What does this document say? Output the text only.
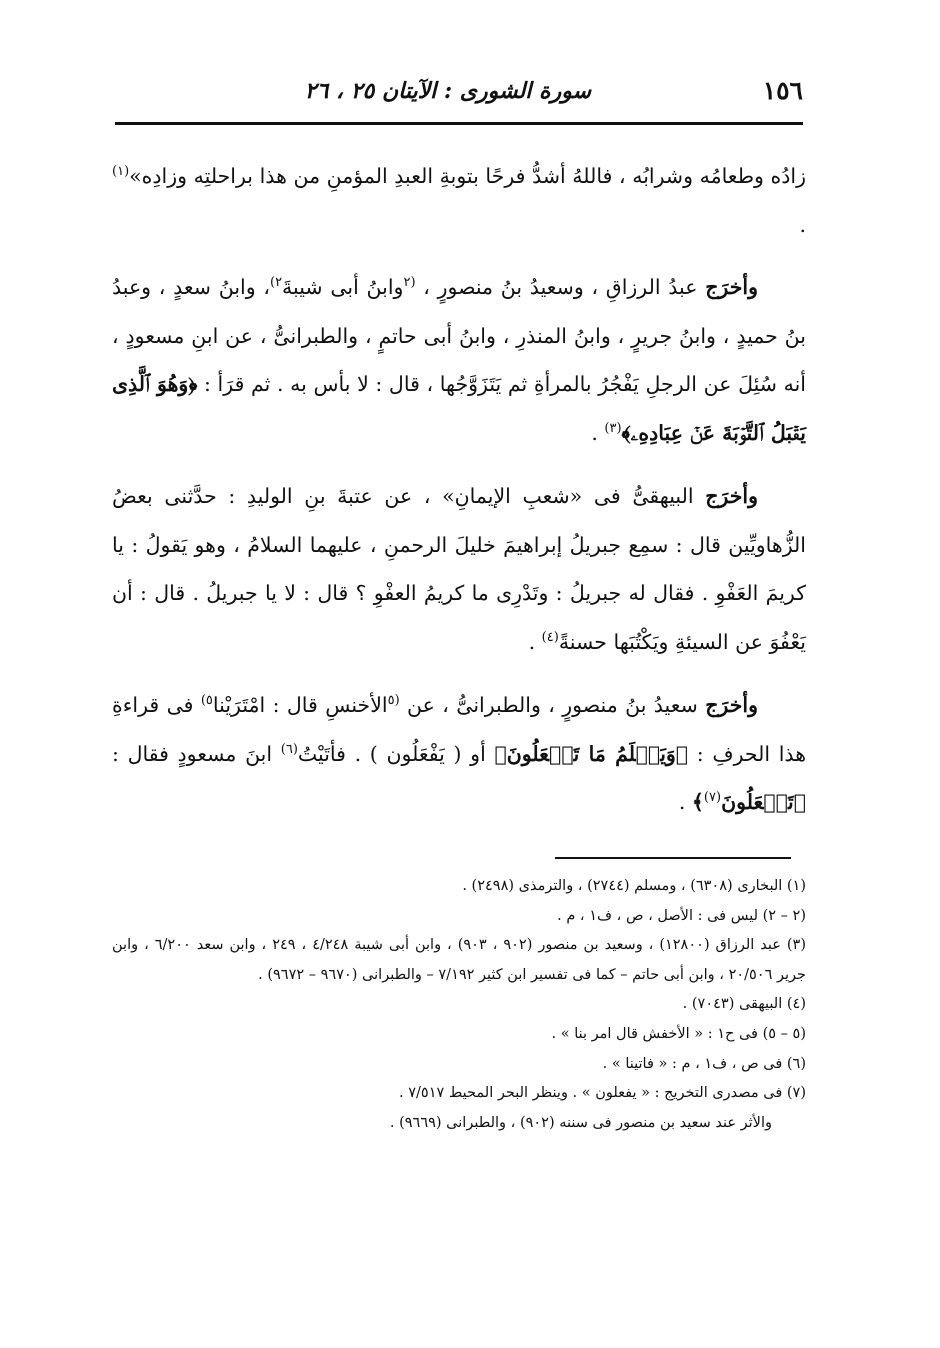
١٥٦
سورة الشورى : الآيتان ٢٥ ، ٢٦

زادُه وطعامُه وشرابُه ، فاللهُ أشدُّ فرحًا بتوبةِ العبدِ المؤمنِ من هذا براحلتِه وزادِه»$^{(١)}$ .

وأخرَج عبدُ الرزاقِ ، وسعيدُ بنُ منصورٍ ، $^{(٢}$وابنُ أبى شيبةَ$^{٢)}$، وابنُ سعدٍ ، وعبدُ بنُ حميدٍ ، وابنُ جريرٍ ، وابنُ المنذرِ ، وابنُ أبى حاتمٍ ، والطبرانىُّ ، عن ابنِ مسعودٍ ، أنه سُئِلَ عن الرجلِ يَفْجُرُ بالمرأةِ ثم يَتَزَوَّجُها ، قال : لا بأس به . ثم قرَأ : ﴿وَهُوَ ٱلَّذِى يَقۡبَلُ ٱلتَّوۡبَةَ عَنۡ عِبَادِهِۦ﴾$^{(٣)}$ .

وأخرَج البيهقىُّ فى «شعبِ الإيمانِ» ، عن عتبةَ بنِ الوليدِ : حدَّثنى بعضُ الزُّهاويِّين قال : سمِع جبريلُ إبراهيمَ خليلَ الرحمنِ ، عليهما السلامُ ، وهو يَقولُ : يا كريمَ العَفْوِ . فقال له جبريلُ : وتَدْرِى ما كريمُ العفْوِ ؟ قال : لا يا جبريلُ . قال : أن يَعْفُوَ عن السيئةِ ويَكْتُبَها حسنةً$^{(٤)}$ .

وأخرَج سعيدُ بنُ منصورٍ ، والطبرانىُّ ، عن $^{(٥}$الأخنسِ قال : امْتَرَيْنا$^{٥)}$ فى قراءةِ هذا الحرفِ : ﴿وَيَعۡلَمُ مَا تَفۡعَلُونَ﴾ أو ( يَفْعَلُون ) . فأتَيْتُ$^{(٦)}$ ابنَ مسعودٍ فقال : ﴿تَفۡعَلُونَ$^{(٧)}$﴾ .

(١) البخارى (٦٣٠٨) ، ومسلم (٢٧٤٤) ، والترمذى (٢٤٩٨) .

(٢ – ٢) ليس فى : الأصل ، ص ، ف١ ، م .

(٣) عبد الرزاق (١٢٨٠٠) ، وسعيد بن منصور (٩٠٢ ، ٩٠٣) ، وابن أبى شيبة ٤/٢٤٨ ، ٢٤٩ ، وابن سعد ٦/٢٠٠ ، وابن جرير ٢٠/٥٠٦ ، وابن أبى حاتم – كما فى تفسير ابن كثير ٧/١٩٢ – والطبرانى (٩٦٧٠ – ٩٦٧٢) .

(٤) البيهقى (٧٠٤٣) .

(٥ – ٥) فى ح١ : « الأخفش قال امر بنا » .

(٦) فى ص ، ف١ ، م : « فاتينا » .

(٧) فى مصدرى التخريج : « يفعلون » . وينظر البحر المحيط ٧/٥١٧ .

والأثر عند سعيد بن منصور فى سننه (٩٠٢) ، والطبرانى (٩٦٦٩) .
